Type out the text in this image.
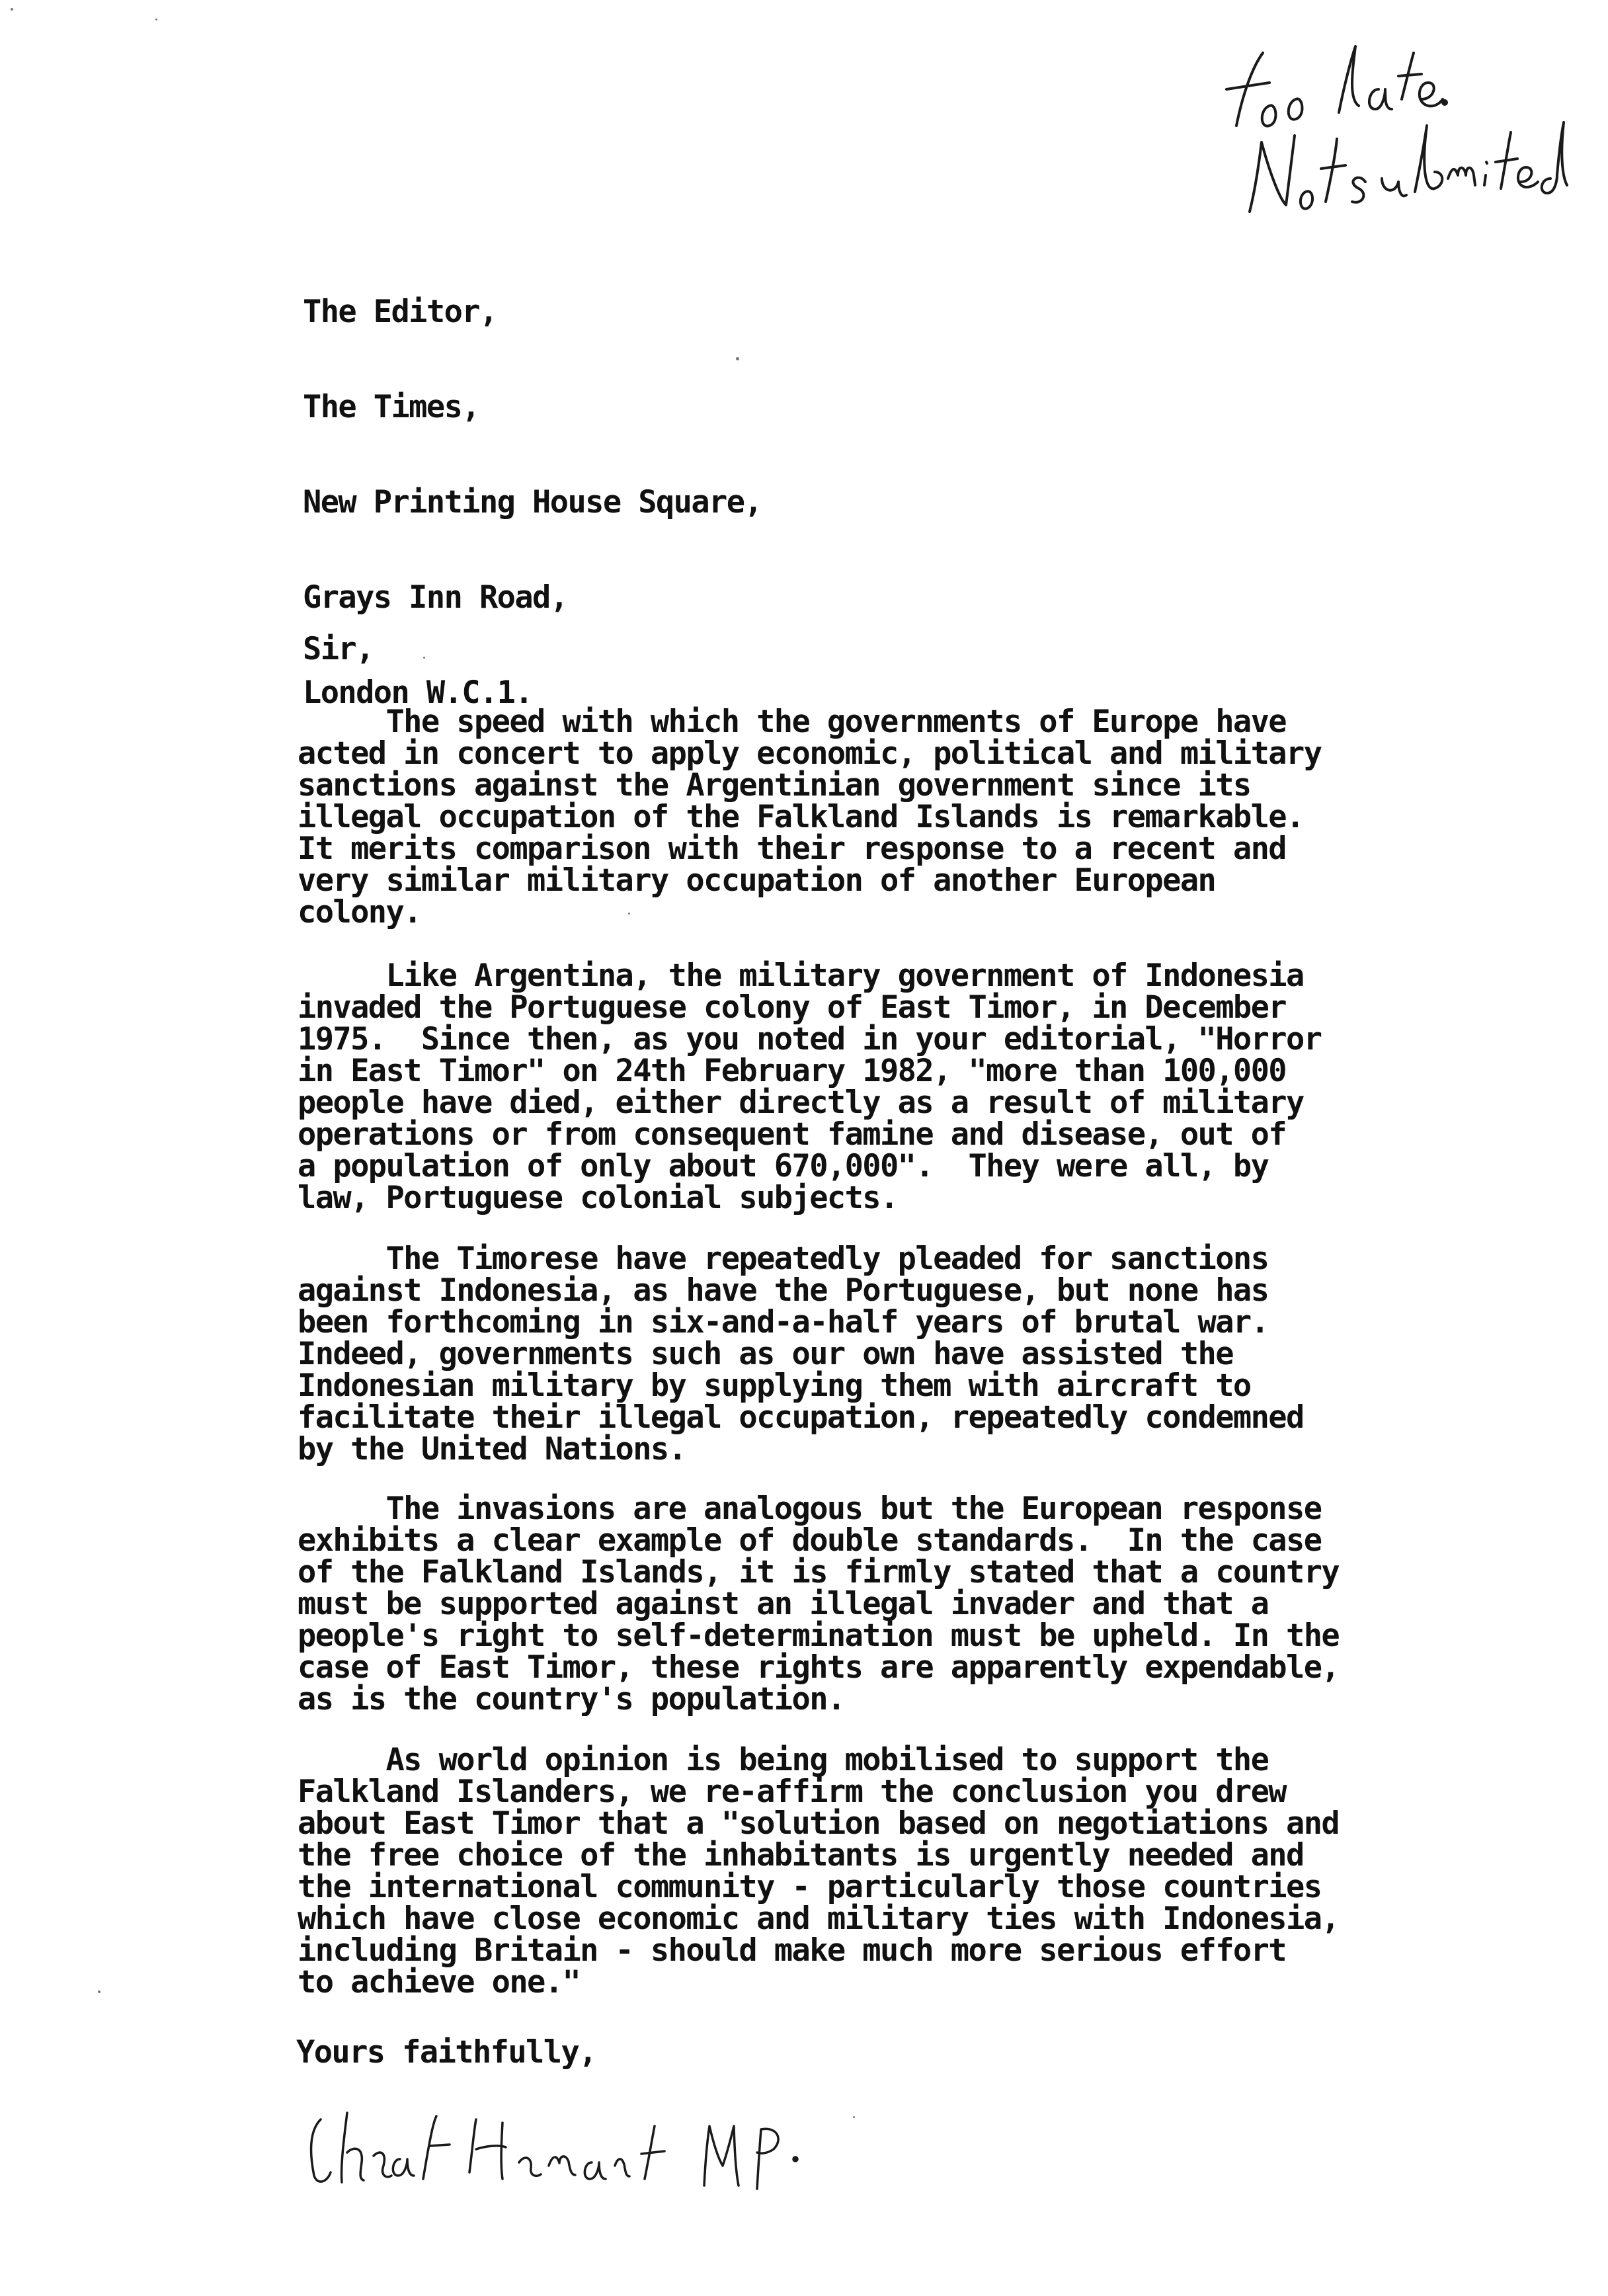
The Editor,

The Times,

New Printing House Square,

Grays Inn Road,

London W.C.1.

Sir,
The speed with which the governments of Europe have
acted in concert to apply economic, political and military
sanctions against the Argentinian government since its
illegal occupation of the Falkland Islands is remarkable.
It merits comparison with their response to a recent and
very similar military occupation of another European
colony.
Like Argentina, the military government of Indonesia
invaded the Portuguese colony of East Timor, in December
1975.  Since then, as you noted in your editorial, "Horror
in East Timor" on 24th February 1982, "more than 100,000
people have died, either directly as a result of military
operations or from consequent famine and disease, out of
a population of only about 670,000".  They were all, by
law, Portuguese colonial subjects.
The Timorese have repeatedly pleaded for sanctions
against Indonesia, as have the Portuguese, but none has
been forthcoming in six-and-a-half years of brutal war.
Indeed, governments such as our own have assisted the
Indonesian military by supplying them with aircraft to
facilitate their illegal occupation, repeatedly condemned
by the United Nations.
The invasions are analogous but the European response
exhibits a clear example of double standards.  In the case
of the Falkland Islands, it is firmly stated that a country
must be supported against an illegal invader and that a
people's right to self-determination must be upheld. In the
case of East Timor, these rights are apparently expendable,
as is the country's population.
As world opinion is being mobilised to support the
Falkland Islanders, we re-affirm the conclusion you drew
about East Timor that a "solution based on negotiations and
the free choice of the inhabitants is urgently needed and
the international community - particularly those countries
which have close economic and military ties with Indonesia,
including Britain - should make much more serious effort
to achieve one."
Yours faithfully,
